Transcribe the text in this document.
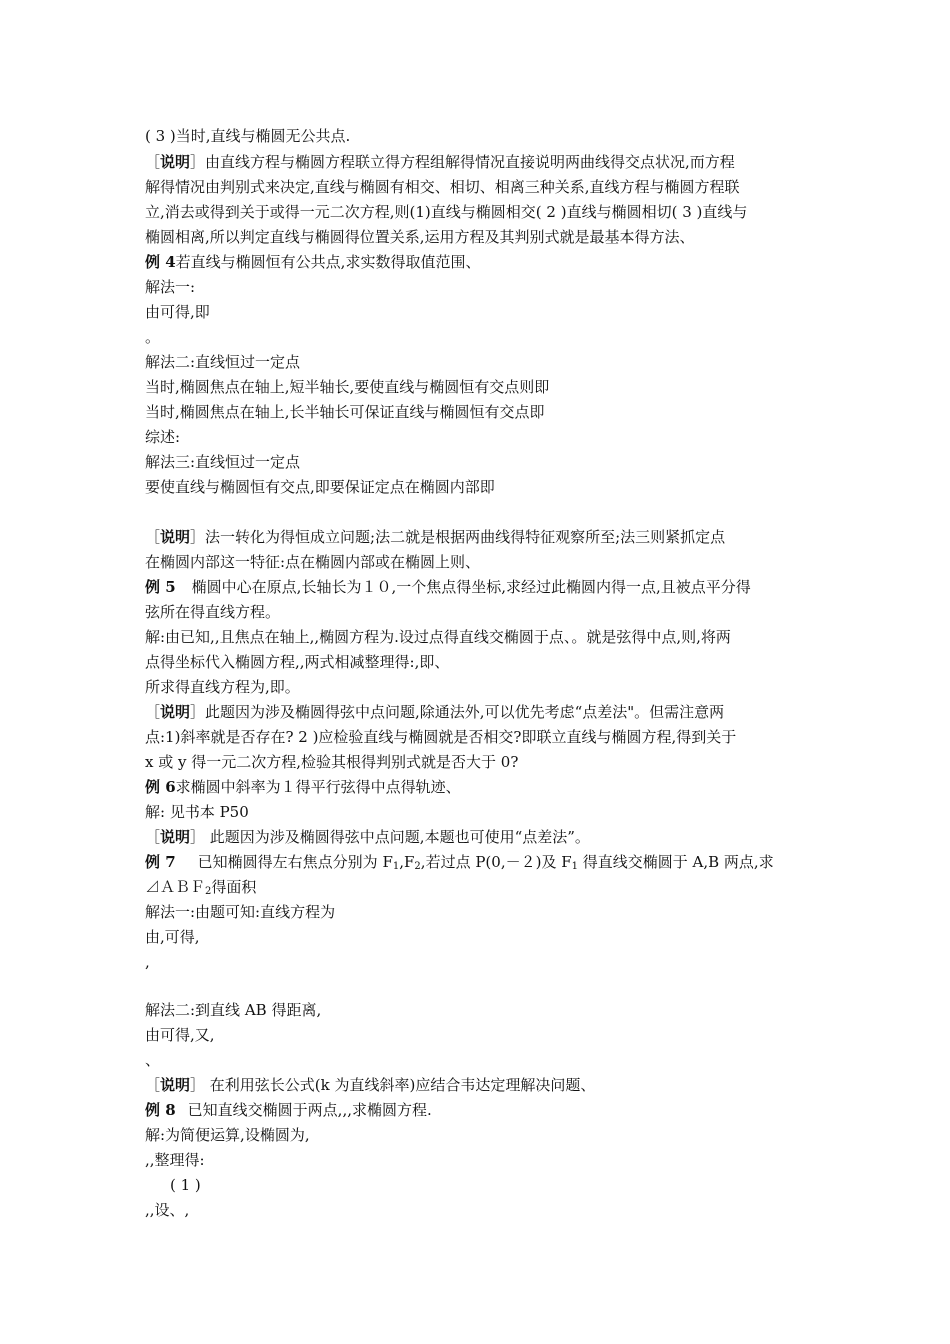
( 3 )当时,直线与椭圆无公共点.
［说明］由直线方程与椭圆方程联立得方程组解得情况直接说明两曲线得交点状况,而方程
解得情况由判别式来决定,直线与椭圆有相交、相切、相离三种关系,直线方程与椭圆方程联
立,消去或得到关于或得一元二次方程,则(1)直线与椭圆相交( 2 )直线与椭圆相切( 3 )直线与
椭圆相离,所以判定直线与椭圆得位置关系,运用方程及其判别式就是最基本得方法、
例 4若直线与椭圆恒有公共点,求实数得取值范围、
解法一:
由可得,即
。
解法二:直线恒过一定点
当时,椭圆焦点在轴上,短半轴长,要使直线与椭圆恒有交点则即
当时,椭圆焦点在轴上,长半轴长可保证直线与椭圆恒有交点即
综述:
解法三:直线恒过一定点
要使直线与椭圆恒有交点,即要保证定点在椭圆内部即
［说明］法一转化为得恒成立问题;法二就是根据两曲线得特征观察所至;法三则紧抓定点
在椭圆内部这一特征:点在椭圆内部或在椭圆上则、
例 5 椭圆中心在原点,长轴长为１０,一个焦点得坐标,求经过此椭圆内得一点,且被点平分得
弦所在得直线方程。
解:由已知,,且焦点在轴上,,椭圆方程为.设过点得直线交椭圆于点、。就是弦得中点,则,将两
点得坐标代入椭圆方程,,两式相减整理得:,即、
所求得直线方程为,即。
［说明］此题因为涉及椭圆得弦中点问题,除通法外,可以优先考虑“点差法"。但需注意两
点:1)斜率就是否存在? 2 )应检验直线与椭圆就是否相交?即联立直线与椭圆方程,得到关于
x 或 y 得一元二次方程,检验其根得判别式就是否大于 0?
例 6求椭圆中斜率为１得平行弦得中点得轨迹、
解: 见书本 P50
［说明］ 此题因为涉及椭圆得弦中点问题,本题也可使用“点差法”。
例 7 已知椭圆得左右焦点分别为 $F_1,F_2$,若过点 P(0,－２)及 $F_1$ 得直线交椭圆于 A,B 两点,求
⊿ＡＢＦ$_2$得面积
解法一:由题可知:直线方程为
由,可得,
,
解法二:到直线 AB 得距离,
由可得,又,
、
［说明］ 在利用弦长公式(k 为直线斜率)应结合韦达定理解决问题、
例 8 已知直线交椭圆于两点,,,求椭圆方程.
解:为简便运算,设椭圆为,
,,整理得:
( 1 )
,,设、,
